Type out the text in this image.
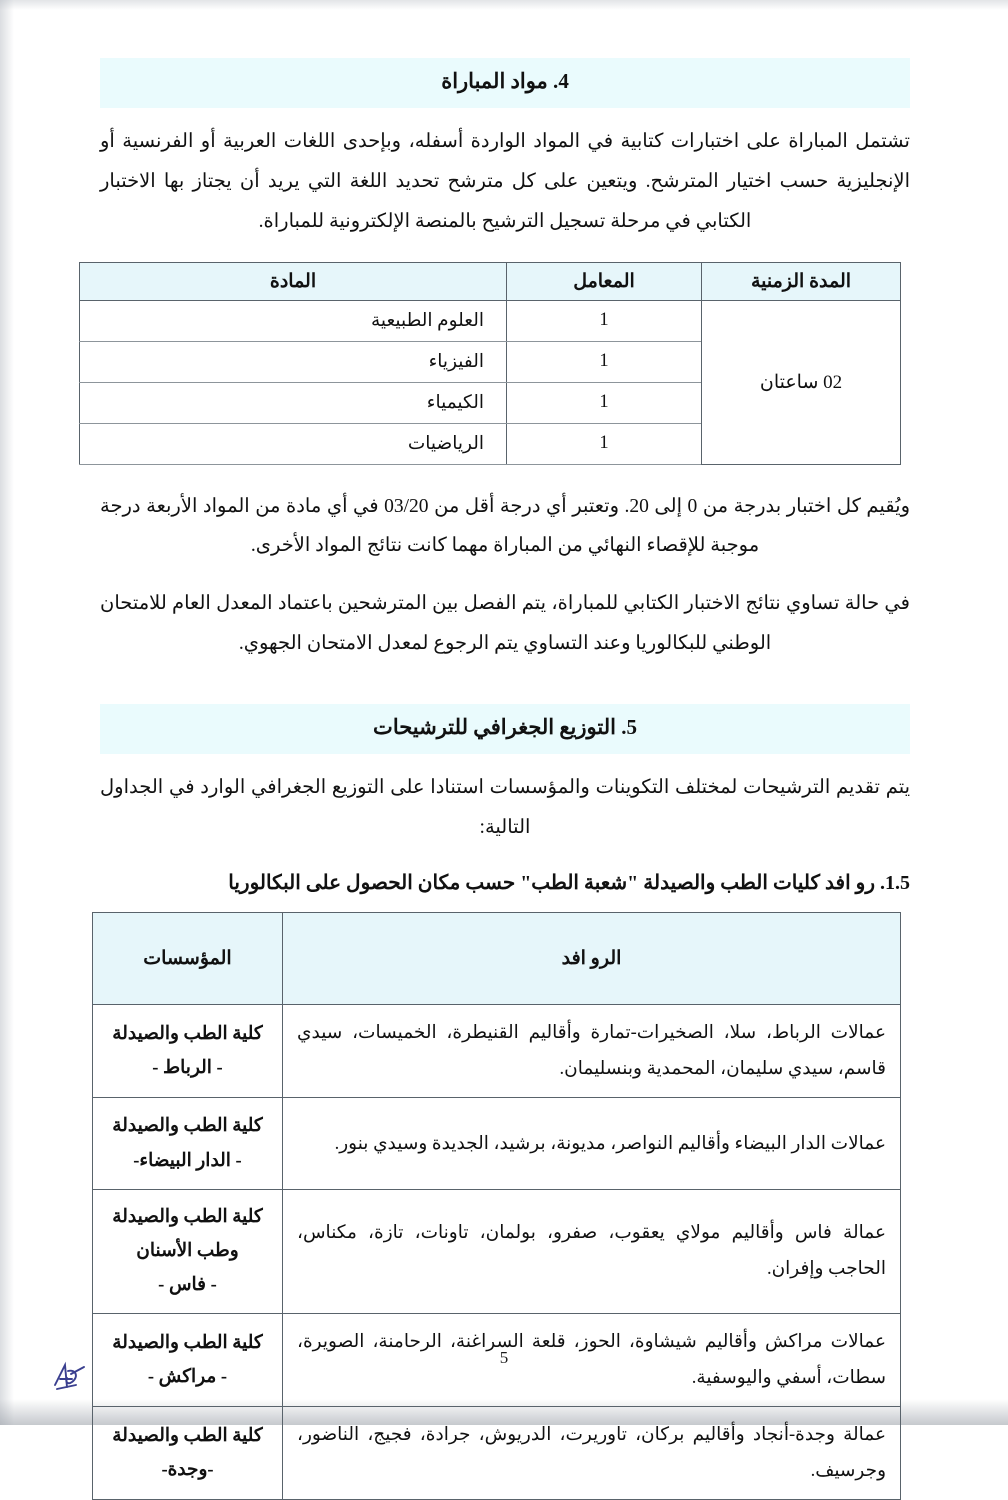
4. مواد المباراة

تشتمل المباراة على اختبارات كتابية في المواد الواردة أسفله، وبإحدى اللغات العربية أو الفرنسية أو الإنجليزية حسب اختيار المترشح. ويتعين على كل مترشح تحديد اللغة التي يريد أن يجتاز بها الاختبار الكتابي في مرحلة تسجيل الترشيح بالمنصة الإلكترونية للمباراة.

المدة الزمنية	المعامل	المادة
02 ساعتان	1	العلوم الطبيعية
	1	الفيزياء
	1	الكيمياء
	1	الرياضيات

ويُقيم كل اختبار بدرجة من 0 إلى 20. وتعتبر أي درجة أقل من 03/20 في أي مادة من المواد الأربعة درجة موجبة للإقصاء النهائي من المباراة مهما كانت نتائج المواد الأخرى.

في حالة تساوي نتائج الاختبار الكتابي للمباراة، يتم الفصل بين المترشحين باعتماد المعدل العام للامتحان الوطني للبكالوريا وعند التساوي يتم الرجوع لمعدل الامتحان الجهوي.

5. التوزيع الجغرافي للترشيحات

يتم تقديم الترشيحات لمختلف التكوينات والمؤسسات استنادا على التوزيع الجغرافي الوارد في الجداول التالية:

1.5. رو افد كليات الطب والصيدلة "شعبة الطب" حسب مكان الحصول على البكالوريا
الرو افد	المؤسسات
عمالات الرباط، سلا، الصخيرات-تمارة وأقاليم القنيطرة، الخميسات، سيدي قاسم، سيدي سليمان، المحمدية وبنسليمان.	كلية الطب والصيدلة
- الرباط -
عمالات الدار البيضاء وأقاليم النواصر، مديونة، برشيد، الجديدة وسيدي بنور.	كلية الطب والصيدلة
- الدار البيضاء-
عمالة فاس وأقاليم مولاي يعقوب، صفرو، بولمان، تاونات، تازة، مكناس، الحاجب وإفران.	كلية الطب والصيدلة
وطب الأسنان
- فاس -
عمالات مراكش وأقاليم شيشاوة، الحوز، قلعة السراغنة، الرحامنة، الصويرة، سطات، أسفي واليوسفية.	كلية الطب والصيدلة
- مراكش -
عمالة وجدة-أنجاد وأقاليم بركان، تاوريرت، الدريوش، جرادة، فجيج، الناضور، وجرسيف.	كلية الطب والصيدلة
-وجدة-
5
